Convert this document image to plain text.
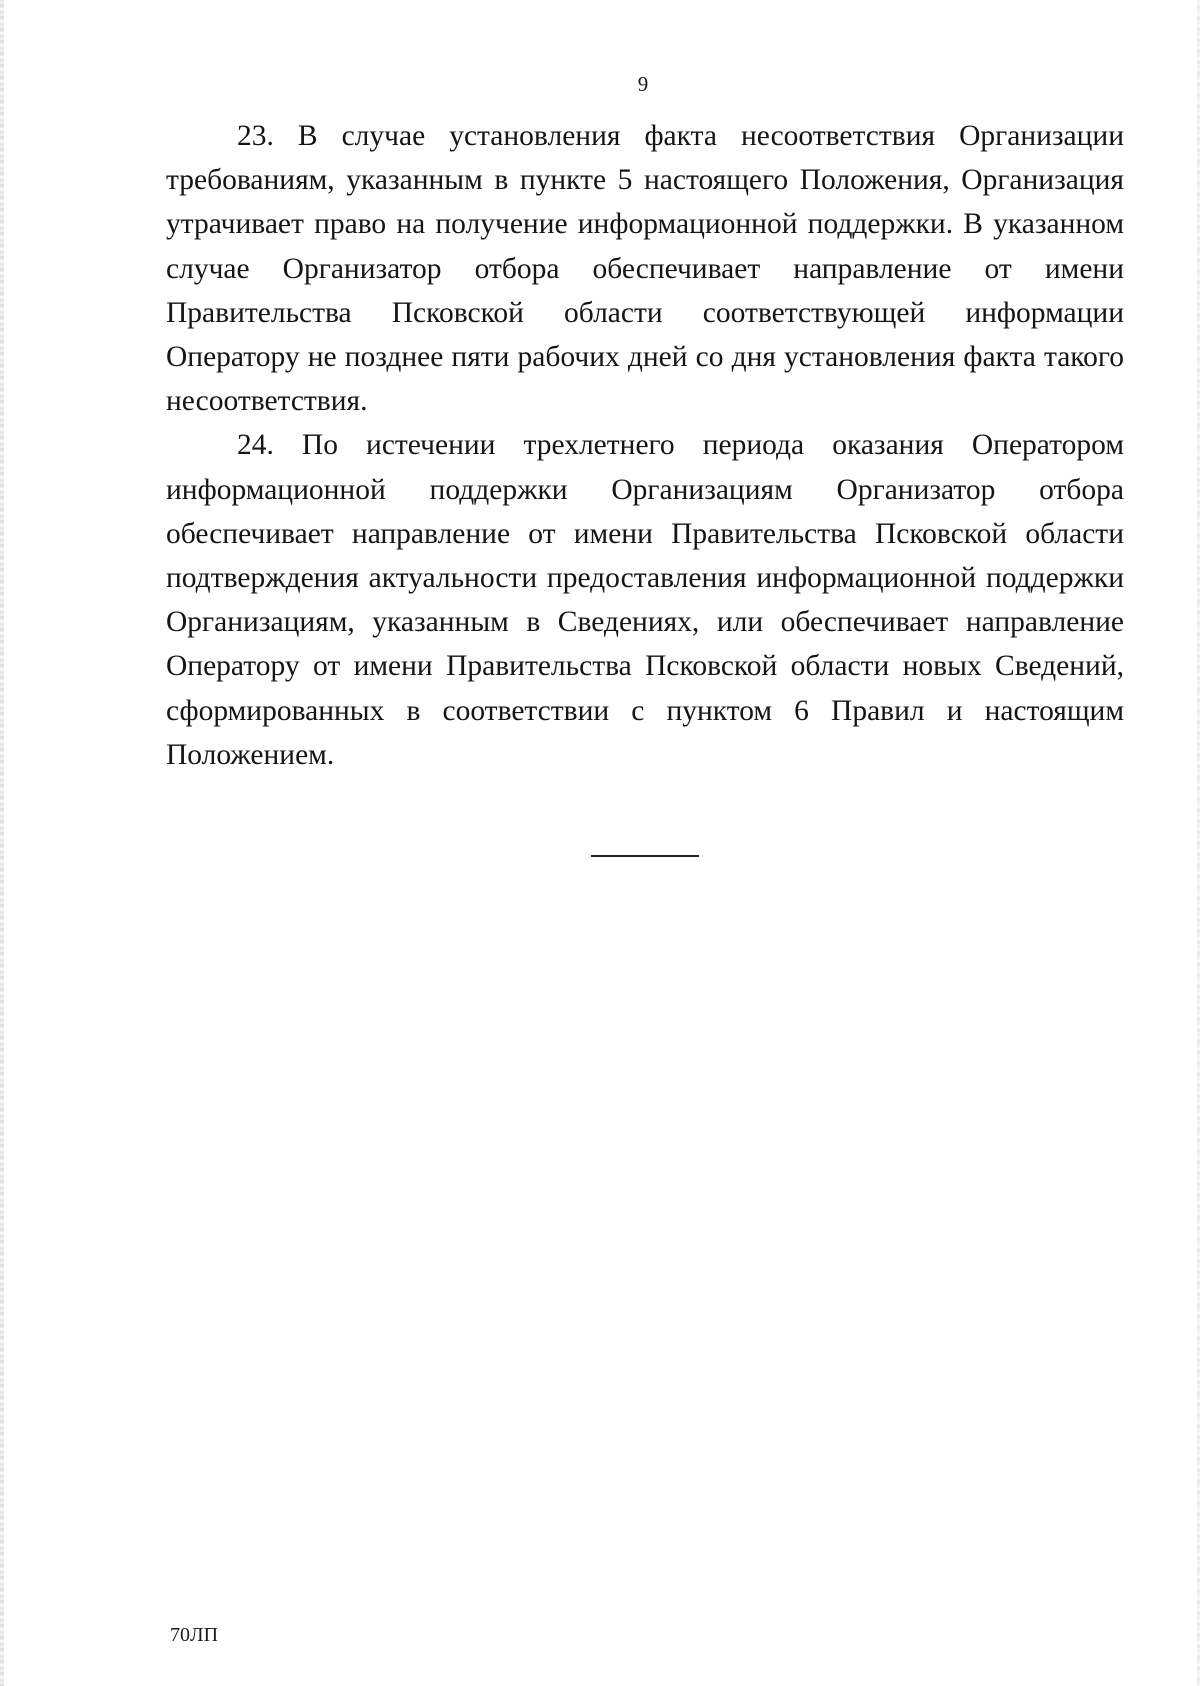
9

23. В случае установления факта несоответствия Организации требованиям, указанным в пункте 5 настоящего Положения, Организация утрачивает право на получение информационной поддержки. В указанном случае Организатор отбора обеспечивает направление от имени Правительства Псковской области соответствующей информации Оператору не позднее пяти рабочих дней со дня установления факта такого несоответствия.

24. По истечении трехлетнего периода оказания Оператором информационной поддержки Организациям Организатор отбора обеспечивает направление от имени Правительства Псковской области подтверждения актуальности предоставления информационной поддержки Организациям, указанным в Сведениях, или обеспечивает направление Оператору от имени Правительства Псковской области новых Сведений, сформированных в соответствии с пунктом 6 Правил и настоящим Положением.

70ЛП
